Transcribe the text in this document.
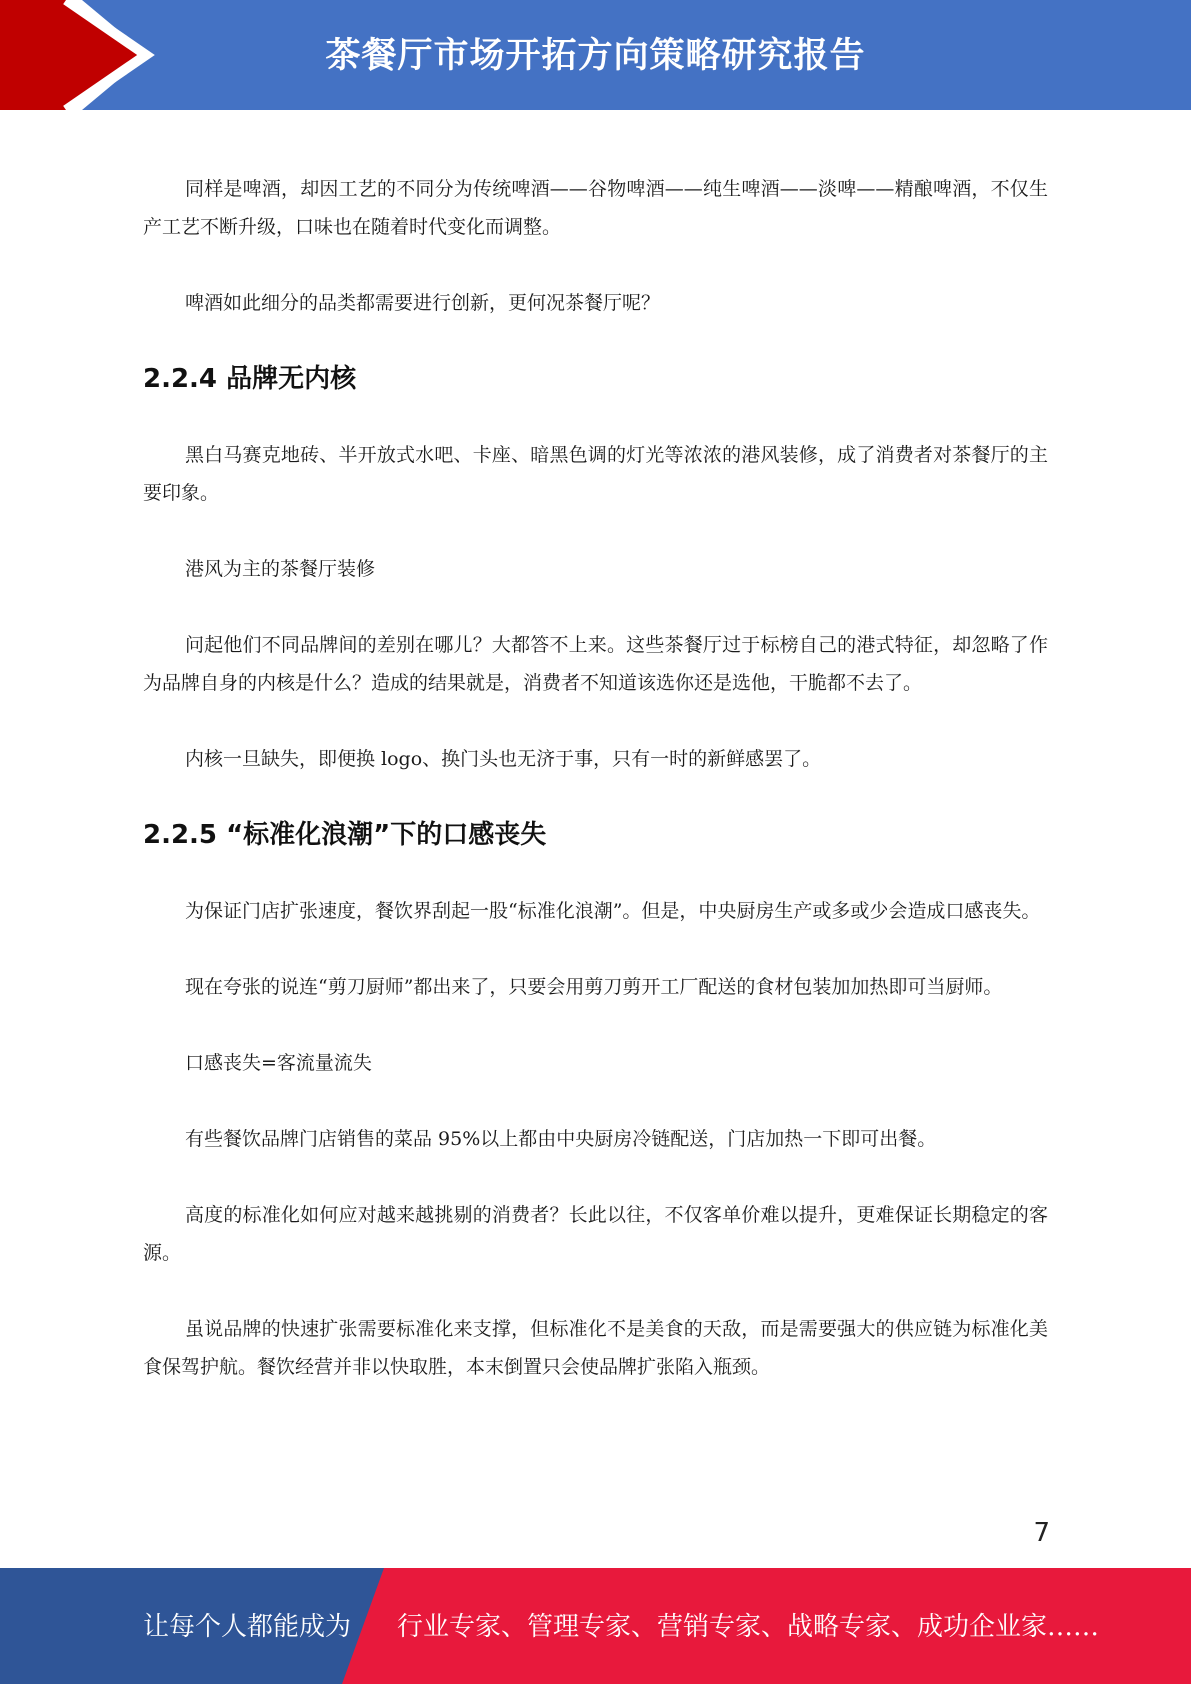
茶餐厅市场开拓方向策略研究报告

同样是啤酒，却因工艺的不同分为传统啤酒——谷物啤酒——纯生啤酒——淡啤——精酿啤酒，不仅生产工艺不断升级，口味也在随着时代变化而调整。

啤酒如此细分的品类都需要进行创新，更何况茶餐厅呢？

2.2.4 品牌无内核

黑白马赛克地砖、半开放式水吧、卡座、暗黑色调的灯光等浓浓的港风装修，成了消费者对茶餐厅的主要印象。

港风为主的茶餐厅装修

问起他们不同品牌间的差别在哪儿？大都答不上来。这些茶餐厅过于标榜自己的港式特征，却忽略了作为品牌自身的内核是什么？造成的结果就是，消费者不知道该选你还是选他，干脆都不去了。

内核一旦缺失，即便换 logo、换门头也无济于事，只有一时的新鲜感罢了。

2.2.5 “标准化浪潮”下的口感丧失

为保证门店扩张速度，餐饮界刮起一股“标准化浪潮”。但是，中央厨房生产或多或少会造成口感丧失。

现在夸张的说连“剪刀厨师”都出来了，只要会用剪刀剪开工厂配送的食材包装加加热即可当厨师。

口感丧失=客流量流失

有些餐饮品牌门店销售的菜品 95%以上都由中央厨房冷链配送，门店加热一下即可出餐。

高度的标准化如何应对越来越挑剔的消费者？长此以往，不仅客单价难以提升，更难保证长期稳定的客源。

虽说品牌的快速扩张需要标准化来支撑，但标准化不是美食的天敌，而是需要强大的供应链为标准化美食保驾护航。餐饮经营并非以快取胜，本末倒置只会使品牌扩张陷入瓶颈。

7
让每个人都能成为 行业专家、管理专家、营销专家、战略专家、成功企业家……
